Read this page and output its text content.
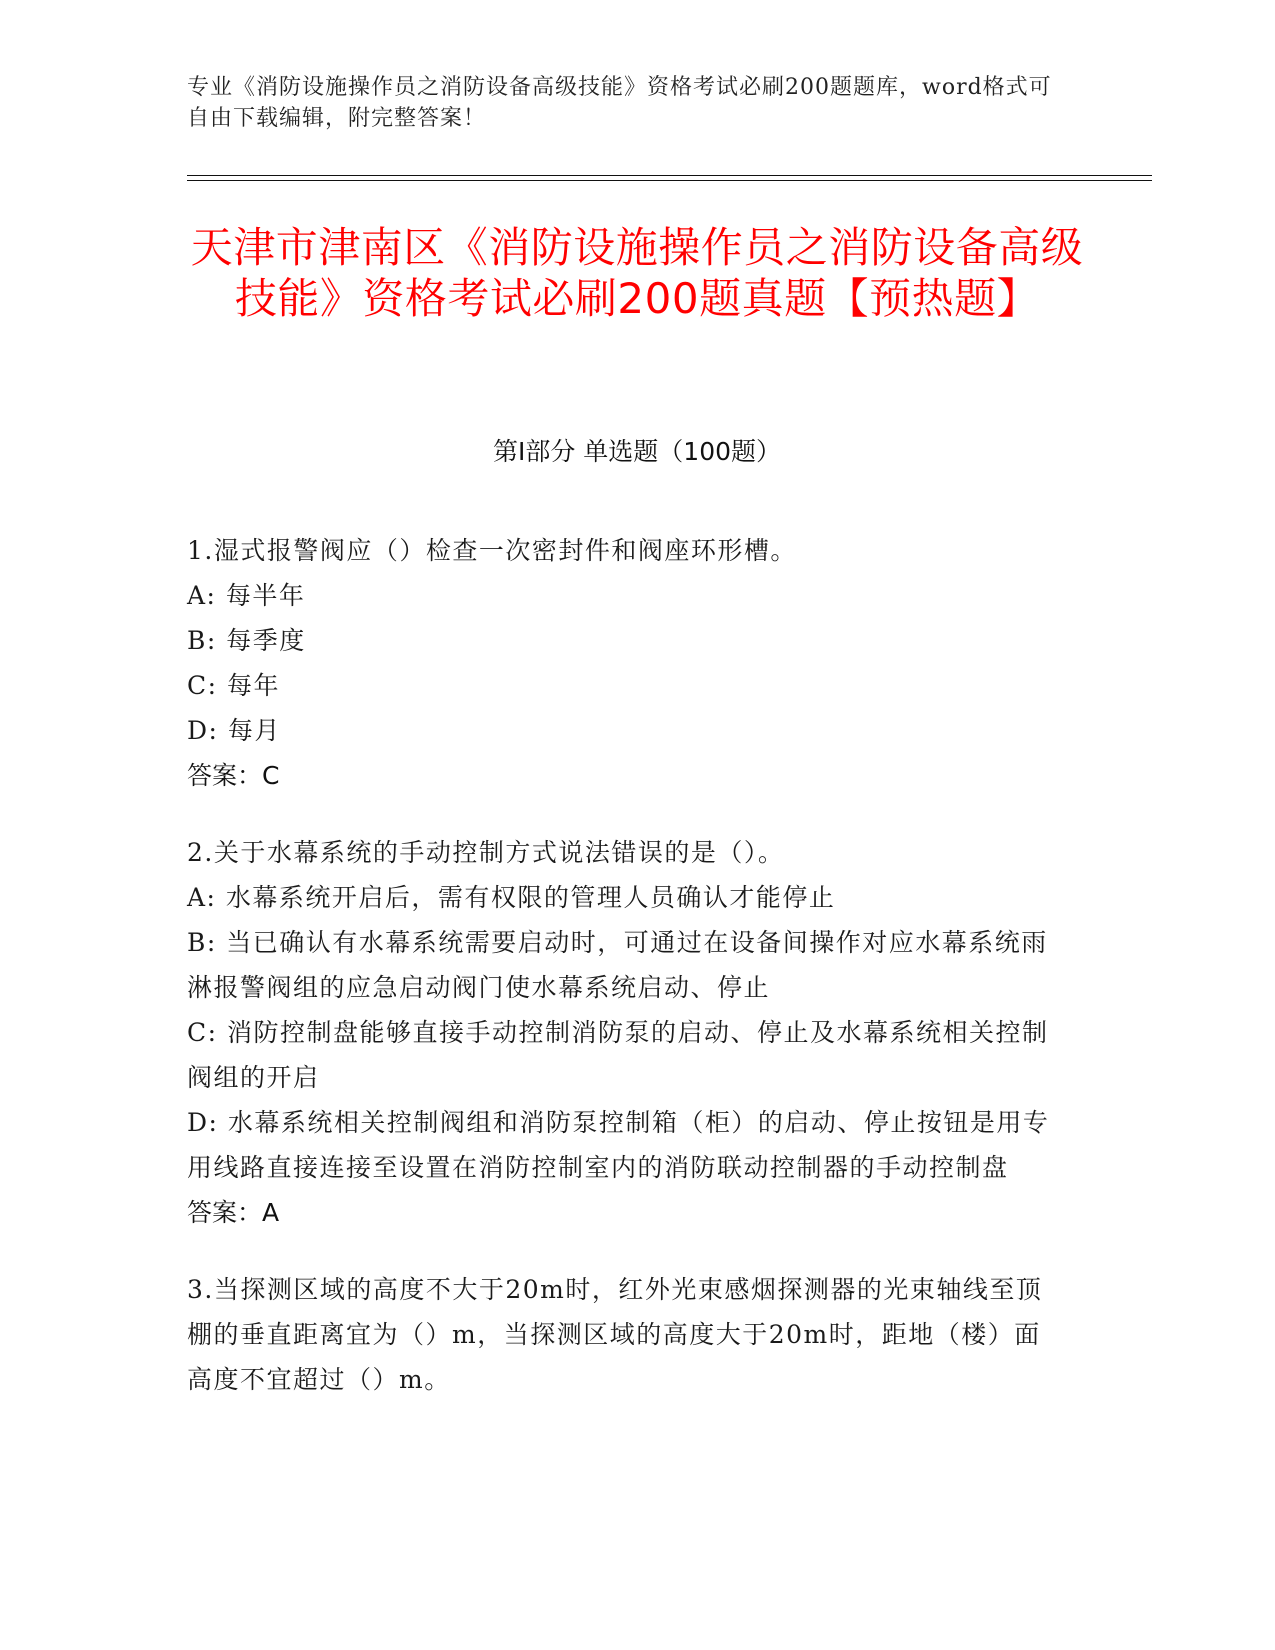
专业《消防设施操作员之消防设备高级技能》资格考试必刷200题题库，word格式可自由下载编辑，附完整答案！
天津市津南区《消防设施操作员之消防设备高级技能》资格考试必刷200题真题【预热题】
第I部分 单选题（100题）
1.湿式报警阀应（）检查一次密封件和阀座环形槽。
A: 每半年
B: 每季度
C: 每年
D: 每月
答案：C
2.关于水幕系统的手动控制方式说法错误的是（）。
A: 水幕系统开启后，需有权限的管理人员确认才能停止
B: 当已确认有水幕系统需要启动时，可通过在设备间操作对应水幕系统雨淋报警阀组的应急启动阀门使水幕系统启动、停止
C: 消防控制盘能够直接手动控制消防泵的启动、停止及水幕系统相关控制阀组的开启
D: 水幕系统相关控制阀组和消防泵控制箱（柜）的启动、停止按钮是用专用线路直接连接至设置在消防控制室内的消防联动控制器的手动控制盘
答案：A
3.当探测区域的高度不大于20m时，红外光束感烟探测器的光束轴线至顶棚的垂直距离宜为（）m，当探测区域的高度大于20m时，距地（楼）面高度不宜超过（）m。
